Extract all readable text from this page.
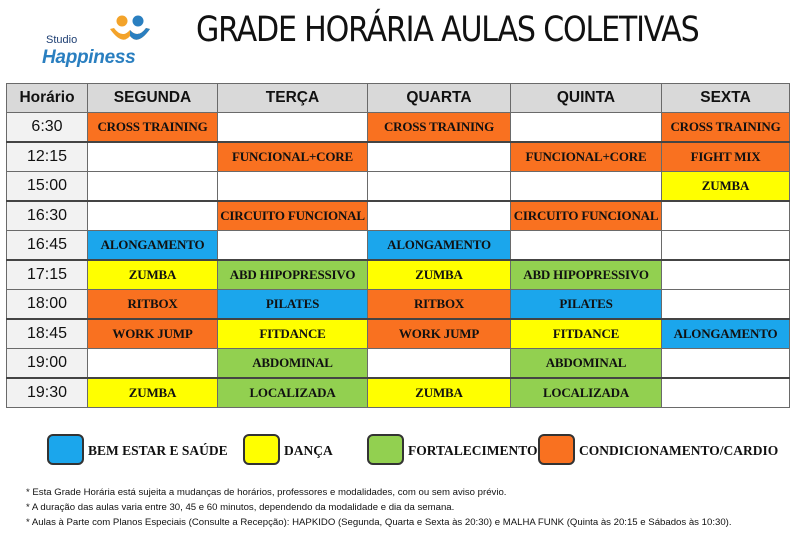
Studio
Happiness
GRADE HORÁRIA AULAS COLETIVAS
Horário	SEGUNDA	TERÇA	QUARTA	QUINTA	SEXTA
6:30	CROSS TRAINING		CROSS TRAINING		CROSS TRAINING
12:15		FUNCIONAL+CORE		FUNCIONAL+CORE	FIGHT MIX
15:00					ZUMBA
16:30		CIRCUITO FUNCIONAL		CIRCUITO FUNCIONAL	
16:45	ALONGAMENTO		ALONGAMENTO		
17:15	ZUMBA	ABD HIPOPRESSIVO	ZUMBA	ABD HIPOPRESSIVO	
18:00	RITBOX	PILATES	RITBOX	PILATES	
18:45	WORK JUMP	FITDANCE	WORK JUMP	FITDANCE	ALONGAMENTO
19:00		ABDOMINAL		ABDOMINAL	
19:30	ZUMBA	LOCALIZADA	ZUMBA	LOCALIZADA	
BEM ESTAR E SAÚDE	DANÇA	FORTALECIMENTO	CONDICIONAMENTO/CARDIO
* Esta Grade Horária está sujeita a mudanças de horários, professores e modalidades, com ou sem aviso prévio.
* A duração das aulas varia entre 30, 45 e 60 minutos, dependendo da modalidade e dia da semana.
* Aulas à Parte com Planos Especiais (Consulte a Recepção): HAPKIDO (Segunda, Quarta e Sexta às 20:30) e MALHA FUNK (Quinta às 20:15 e Sábados às 10:30).
